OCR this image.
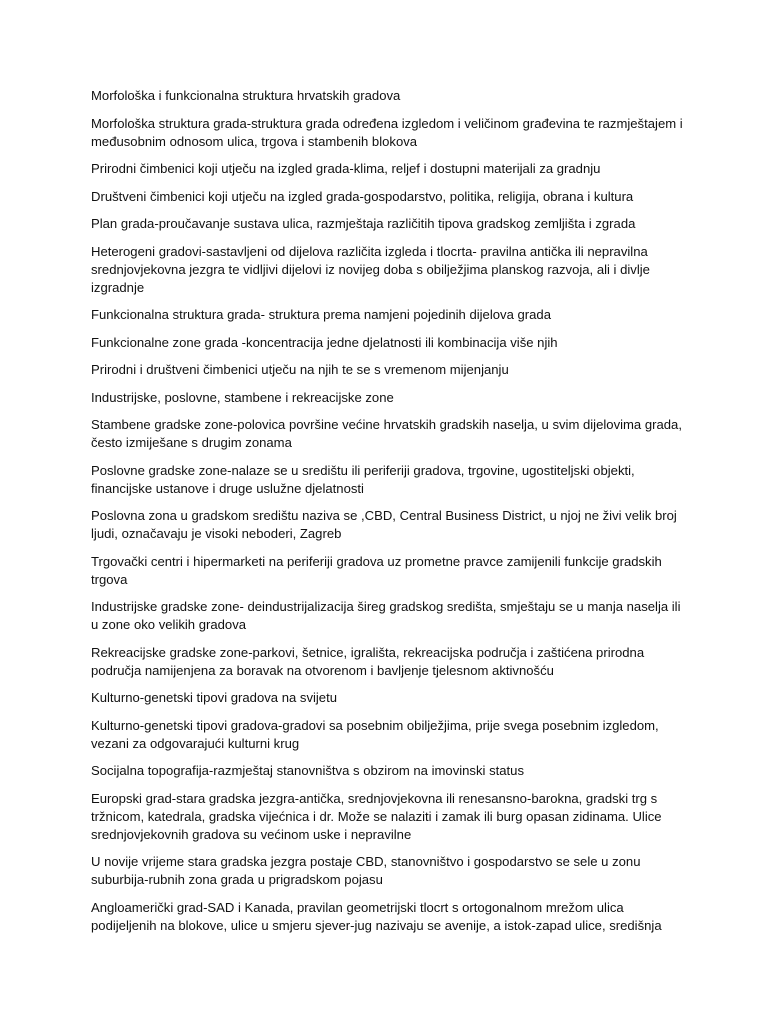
Morfološka i funkcionalna struktura hrvatskih gradova

Morfološka struktura grada-struktura grada određena izgledom i veličinom građevina te razmještajem i međusobnim odnosom ulica, trgova i stambenih blokova

Prirodni čimbenici koji utječu na izgled grada-klima, reljef i dostupni materijali za gradnju

Društveni čimbenici koji utječu na izgled grada-gospodarstvo, politika, religija, obrana i kultura

Plan grada-proučavanje sustava ulica, razmještaja različitih tipova gradskog zemljišta i zgrada

Heterogeni gradovi-sastavljeni od dijelova različita izgleda i tlocrta- pravilna antička ili nepravilna srednjovjekovna jezgra te vidljivi dijelovi iz novijeg doba s obilježjima planskog razvoja, ali i divlje izgradnje

Funkcionalna struktura grada- struktura prema namjeni pojedinih dijelova grada

Funkcionalne zone grada -koncentracija jedne djelatnosti ili kombinacija više njih

Prirodni i društveni čimbenici utječu na njih te se s vremenom mijenjanju

Industrijske, poslovne, stambene i rekreacijske zone

Stambene gradske zone-polovica površine većine hrvatskih gradskih naselja, u svim dijelovima grada, često izmiješane s drugim zonama

Poslovne gradske zone-nalaze se u središtu ili periferiji gradova, trgovine, ugostiteljski objekti, financijske ustanove i druge uslužne djelatnosti

Poslovna zona u gradskom središtu naziva se ,CBD, Central Business District, u njoj ne živi velik broj ljudi, označavaju je visoki neboderi, Zagreb

Trgovački centri i hipermarketi na periferiji gradova uz prometne pravce zamijenili funkcije gradskih trgova

Industrijske gradske zone- deindustrijalizacija šireg gradskog središta, smještaju se u manja naselja ili u zone oko velikih gradova

Rekreacijske gradske zone-parkovi, šetnice, igrališta, rekreacijska područja i zaštićena prirodna područja namijenjena za boravak na otvorenom i bavljenje tjelesnom aktivnošću

Kulturno-genetski tipovi gradova na svijetu

Kulturno-genetski tipovi gradova-gradovi sa posebnim obilježjima, prije svega posebnim izgledom, vezani za odgovarajući kulturni krug

Socijalna topografija-razmještaj stanovništva s obzirom na imovinski status

Europski grad-stara gradska jezgra-antička, srednjovjekovna ili renesansno-barokna, gradski trg s tržnicom, katedrala, gradska vijećnica i dr. Može se nalaziti i zamak ili burg opasan zidinama. Ulice srednjovjekovnih gradova su većinom uske i nepravilne

U novije vrijeme stara gradska jezgra postaje CBD, stanovništvo i gospodarstvo se sele u zonu suburbija-rubnih zona grada u prigradskom pojasu

Angloamerički grad-SAD i Kanada, pravilan geometrijski tlocrt s ortogonalnom mrežom ulica podijeljenih na blokove, ulice u smjeru sjever-jug nazivaju se avenije, a istok-zapad ulice, središnja
